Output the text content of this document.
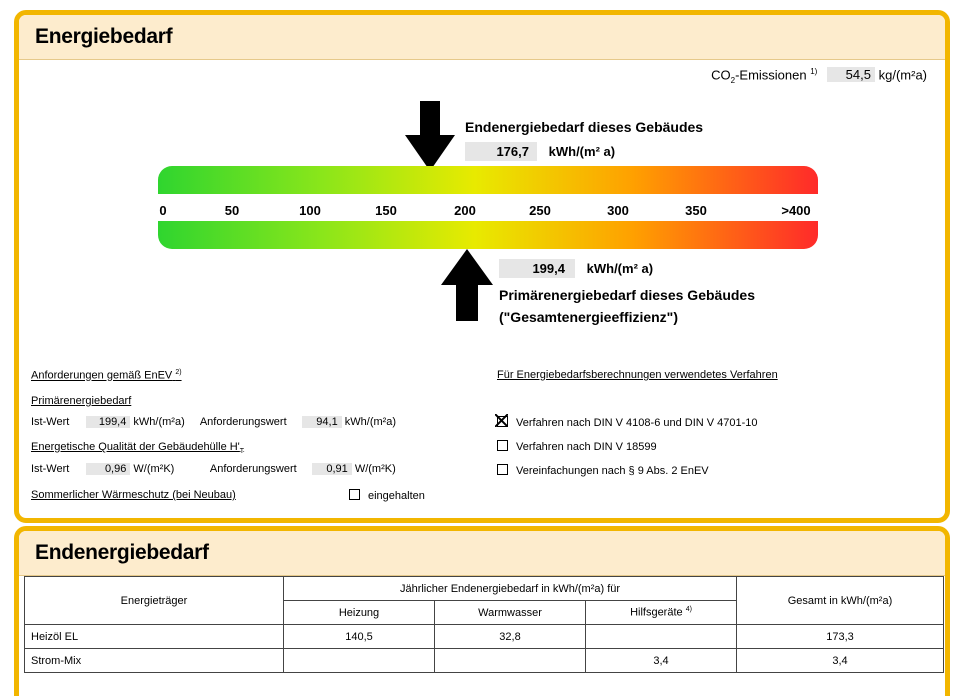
Energiebedarf
$CO_2$-Emissionen $^{1)}$ 54,5 kg/(m²a)
Endenergiebedarf dieses Gebäudes
176,7 kWh/(m² a)
0	50	100	150	200	250	300	350	>400
199,4 kWh/(m² a)
Primärenergiebedarf dieses Gebäudes
("Gesamtenergieeffizienz")
Anforderungen gemäß EnEV $^{2)}$
Primärenergiebedarf
Ist-Wert	199,4 kWh/(m²a) Anforderungswert	94,1 kWh/(m²a)
Energetische Qualität der Gebäudehülle $H'_T$
Ist-Wert	0,96 W/(m²K)	Anforderungswert	0,91 W/(m²K)
Sommerlicher Wärmeschutz (bei Neubau)	eingehalten
Für Energiebedarfsberechnungen verwendetes Verfahren
Verfahren nach DIN V 4108-6 und DIN V 4701-10
Verfahren nach DIN V 18599
Vereinfachungen nach § 9 Abs. 2 EnEV
Endenergiebedarf
Energieträger	Jährlicher Endenergiebedarf in kWh/(m²a) für			Gesamt in kWh/(m²a)
	Heizung	Warmwasser	Hilfsgeräte $^{4)}$
Heizöl EL	140,5	32,8		173,3
Strom-Mix			3,4	3,4
